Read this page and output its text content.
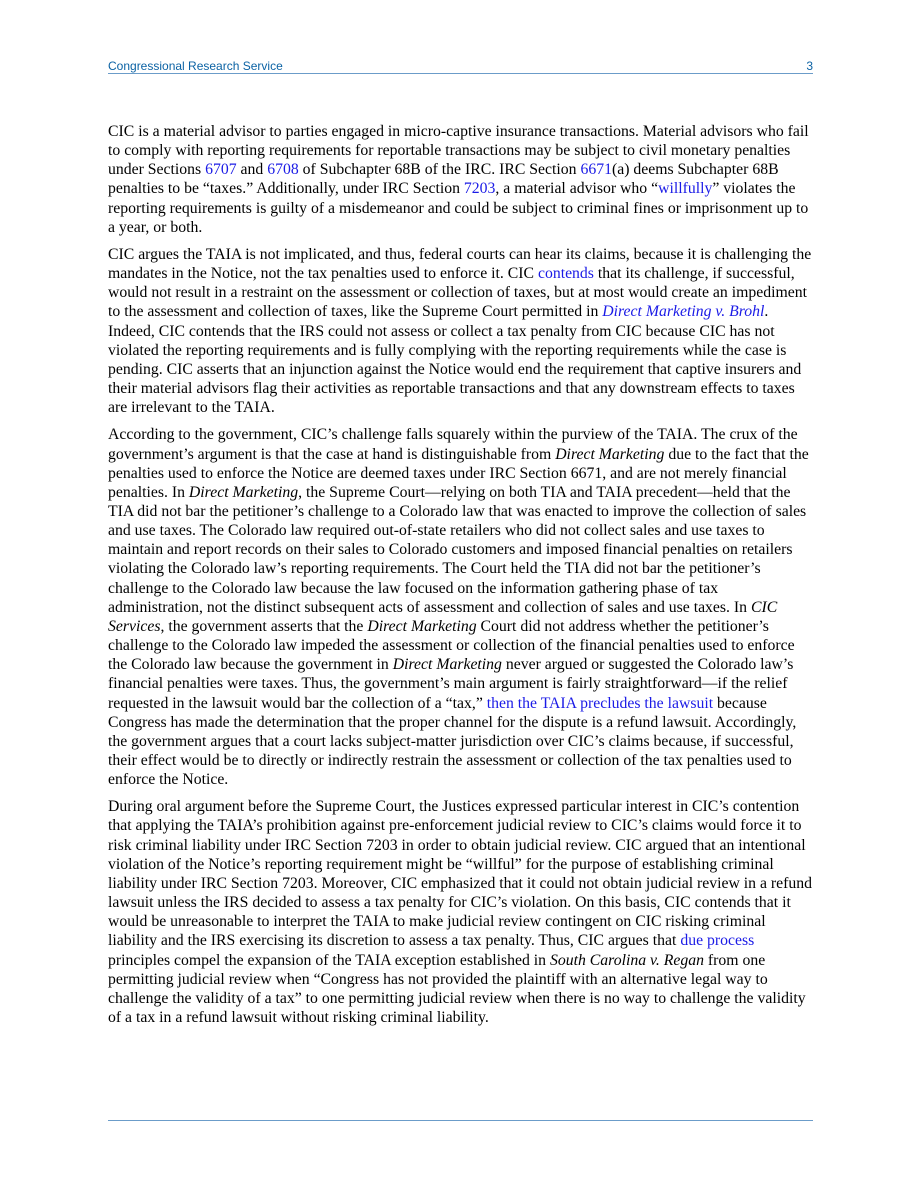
Congressional Research Service	3

CIC is a material advisor to parties engaged in micro-captive insurance transactions. Material advisors who fail to comply with reporting requirements for reportable transactions may be subject to civil monetary penalties under Sections 6707 and 6708 of Subchapter 68B of the IRC. IRC Section 6671(a) deems Subchapter 68B penalties to be “taxes.” Additionally, under IRC Section 7203, a material advisor who “willfully” violates the reporting requirements is guilty of a misdemeanor and could be subject to criminal fines or imprisonment up to a year, or both.

CIC argues the TAIA is not implicated, and thus, federal courts can hear its claims, because it is challenging the mandates in the Notice, not the tax penalties used to enforce it. CIC contends that its challenge, if successful, would not result in a restraint on the assessment or collection of taxes, but at most would create an impediment to the assessment and collection of taxes, like the Supreme Court permitted in Direct Marketing v. Brohl. Indeed, CIC contends that the IRS could not assess or collect a tax penalty from CIC because CIC has not violated the reporting requirements and is fully complying with the reporting requirements while the case is pending. CIC asserts that an injunction against the Notice would end the requirement that captive insurers and their material advisors flag their activities as reportable transactions and that any downstream effects to taxes are irrelevant to the TAIA.

According to the government, CIC’s challenge falls squarely within the purview of the TAIA. The crux of the government’s argument is that the case at hand is distinguishable from Direct Marketing due to the fact that the penalties used to enforce the Notice are deemed taxes under IRC Section 6671, and are not merely financial penalties. In Direct Marketing, the Supreme Court—relying on both TIA and TAIA precedent—held that the TIA did not bar the petitioner’s challenge to a Colorado law that was enacted to improve the collection of sales and use taxes. The Colorado law required out-of-state retailers who did not collect sales and use taxes to maintain and report records on their sales to Colorado customers and imposed financial penalties on retailers violating the Colorado law’s reporting requirements. The Court held the TIA did not bar the petitioner’s challenge to the Colorado law because the law focused on the information gathering phase of tax administration, not the distinct subsequent acts of assessment and collection of sales and use taxes. In CIC Services, the government asserts that the Direct Marketing Court did not address whether the petitioner’s challenge to the Colorado law impeded the assessment or collection of the financial penalties used to enforce the Colorado law because the government in Direct Marketing never argued or suggested the Colorado law’s financial penalties were taxes. Thus, the government’s main argument is fairly straightforward—if the relief requested in the lawsuit would bar the collection of a “tax,” then the TAIA precludes the lawsuit because Congress has made the determination that the proper channel for the dispute is a refund lawsuit. Accordingly, the government argues that a court lacks subject-matter jurisdiction over CIC’s claims because, if successful, their effect would be to directly or indirectly restrain the assessment or collection of the tax penalties used to enforce the Notice.

During oral argument before the Supreme Court, the Justices expressed particular interest in CIC’s contention that applying the TAIA’s prohibition against pre-enforcement judicial review to CIC’s claims would force it to risk criminal liability under IRC Section 7203 in order to obtain judicial review. CIC argued that an intentional violation of the Notice’s reporting requirement might be “willful” for the purpose of establishing criminal liability under IRC Section 7203. Moreover, CIC emphasized that it could not obtain judicial review in a refund lawsuit unless the IRS decided to assess a tax penalty for CIC’s violation. On this basis, CIC contends that it would be unreasonable to interpret the TAIA to make judicial review contingent on CIC risking criminal liability and the IRS exercising its discretion to assess a tax penalty. Thus, CIC argues that due process principles compel the expansion of the TAIA exception established in South Carolina v. Regan from one permitting judicial review when “Congress has not provided the plaintiff with an alternative legal way to challenge the validity of a tax” to one permitting judicial review when there is no way to challenge the validity of a tax in a refund lawsuit without risking criminal liability.
